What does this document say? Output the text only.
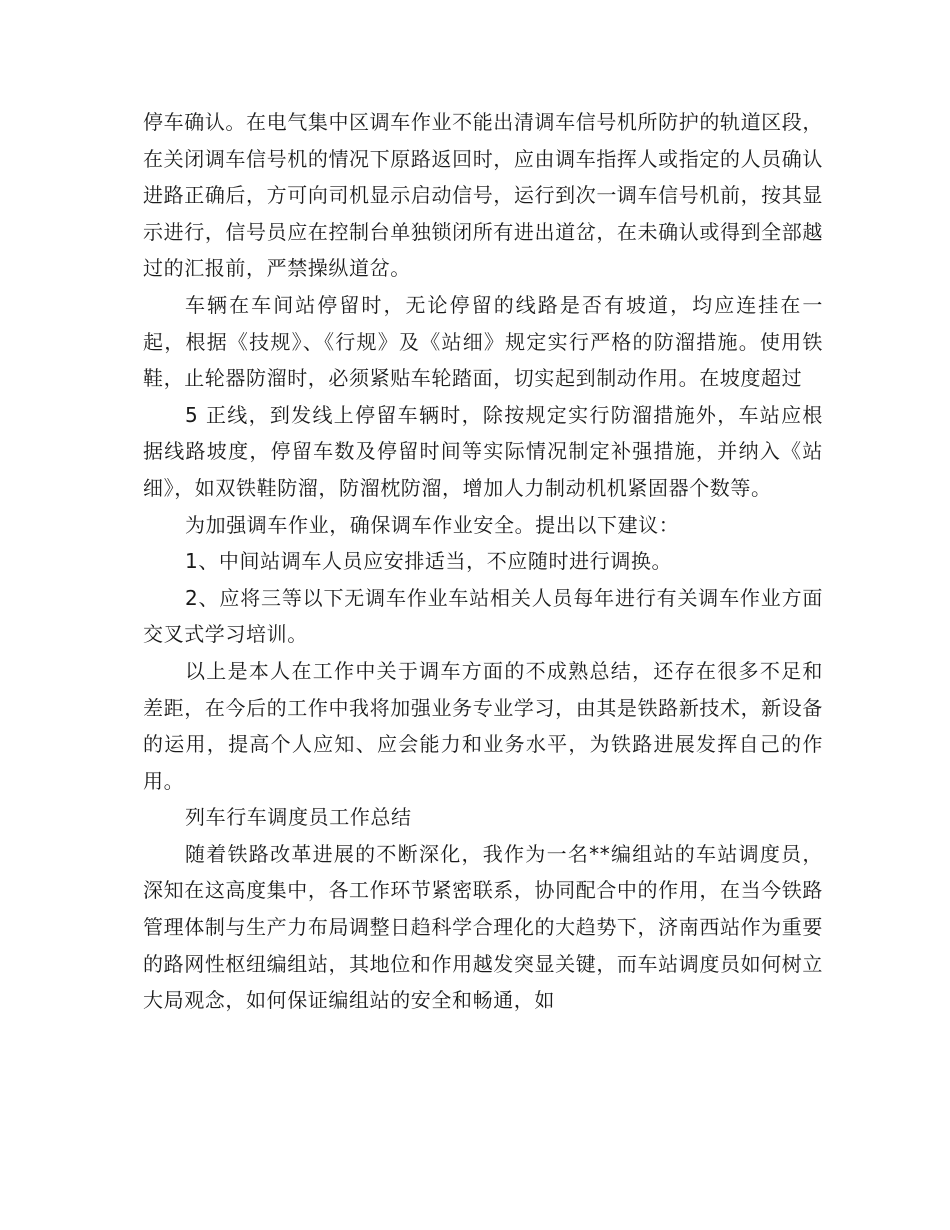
停车确认。在电气集中区调车作业不能出清调车信号机所防护的轨道区段，在关闭调车信号机的情况下原路返回时，应由调车指挥人或指定的人员确认进路正确后，方可向司机显示启动信号，运行到次一调车信号机前，按其显示进行，信号员应在控制台单独锁闭所有进出道岔，在未确认或得到全部越过的汇报前，严禁操纵道岔。

车辆在车间站停留时，无论停留的线路是否有坡道，均应连挂在一起，根据《技规》、《行规》及《站细》规定实行严格的防溜措施。使用铁鞋，止轮器防溜时，必须紧贴车轮踏面，切实起到制动作用。在坡度超过

5 正线，到发线上停留车辆时，除按规定实行防溜措施外，车站应根据线路坡度，停留车数及停留时间等实际情况制定补强措施，并纳入《站细》，如双铁鞋防溜，防溜枕防溜，增加人力制动机机紧固器个数等。

为加强调车作业，确保调车作业安全。提出以下建议：

1、中间站调车人员应安排适当，不应随时进行调换。

2、应将三等以下无调车作业车站相关人员每年进行有关调车作业方面交叉式学习培训。

以上是本人在工作中关于调车方面的不成熟总结，还存在很多不足和差距，在今后的工作中我将加强业务专业学习，由其是铁路新技术，新设备的运用，提高个人应知、应会能力和业务水平，为铁路进展发挥自己的作用。

列车行车调度员工作总结

随着铁路改革进展的不断深化，我作为一名**编组站的车站调度员，深知在这高度集中，各工作环节紧密联系，协同配合中的作用，在当今铁路管理体制与生产力布局调整日趋科学合理化的大趋势下，济南西站作为重要的路网性枢纽编组站，其地位和作用越发突显关键，而车站调度员如何树立大局观念，如何保证编组站的安全和畅通，如
